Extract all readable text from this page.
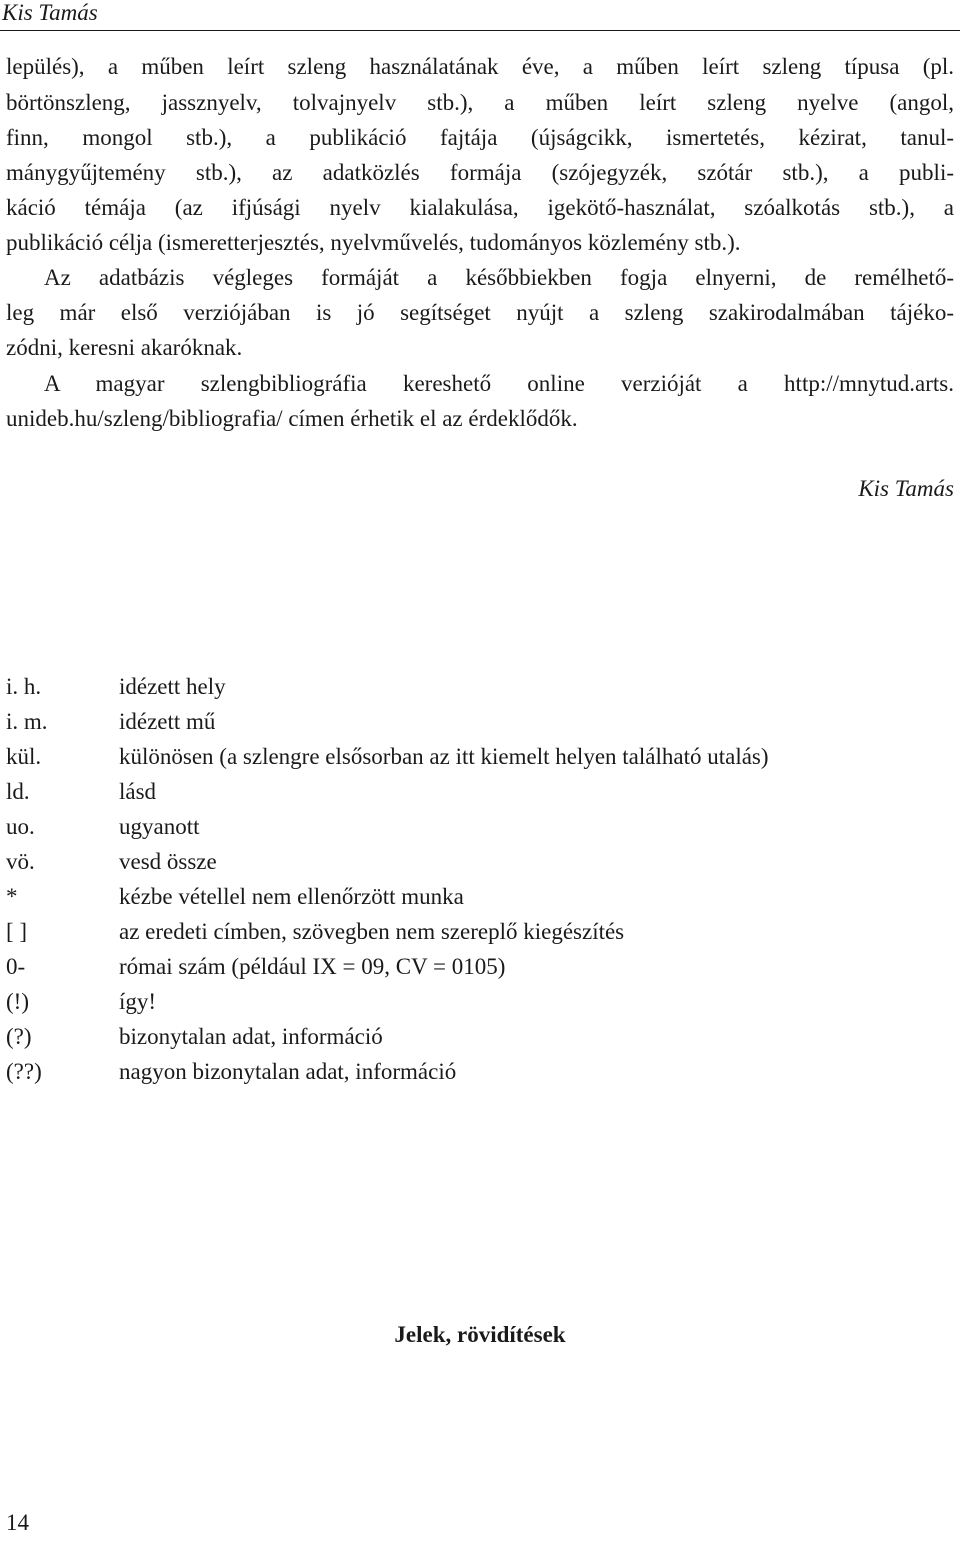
Kis Tamás
lepülés), a műben leírt szleng használatának éve, a műben leírt szleng típusa (pl.
börtönszleng, jassznyelv, tolvajnyelv stb.), a műben leírt szleng nyelve (angol,
finn, mongol stb.), a publikáció fajtája (újságcikk, ismertetés, kézirat, tanul-
mánygyűjtemény stb.), az adatközlés formája (szójegyzék, szótár stb.), a publi-
káció témája (az ifjúsági nyelv kialakulása, igekötő-használat, szóalkotás stb.), a
publikáció célja (ismeretterjesztés, nyelvművelés, tudományos közlemény stb.).
Az adatbázis végleges formáját a későbbiekben fogja elnyerni, de remélhető-
leg már első verziójában is jó segítséget nyújt a szleng szakirodalmában tájéko-
zódni, keresni akaróknak.
A magyar szlengbibliográfia kereshető online verzióját a http://mnytud.arts.
unideb.hu/szleng/bibliografia/ címen érhetik el az érdeklődők.
Kis Tamás
Jelek, rövidítések
i. h.	idézett hely
i. m.	idézett mű
kül.	különösen (a szlengre elsősorban az itt kiemelt helyen található utalás)
ld.	lásd
uo.	ugyanott
vö.	vesd össze
*	kézbe vétellel nem ellenőrzött munka
[ ]	az eredeti címben, szövegben nem szereplő kiegészítés
0-	római szám (például IX = 09, CV = 0105)
(!)	így!
(?)	bizonytalan adat, információ
(??)	nagyon bizonytalan adat, információ
14
